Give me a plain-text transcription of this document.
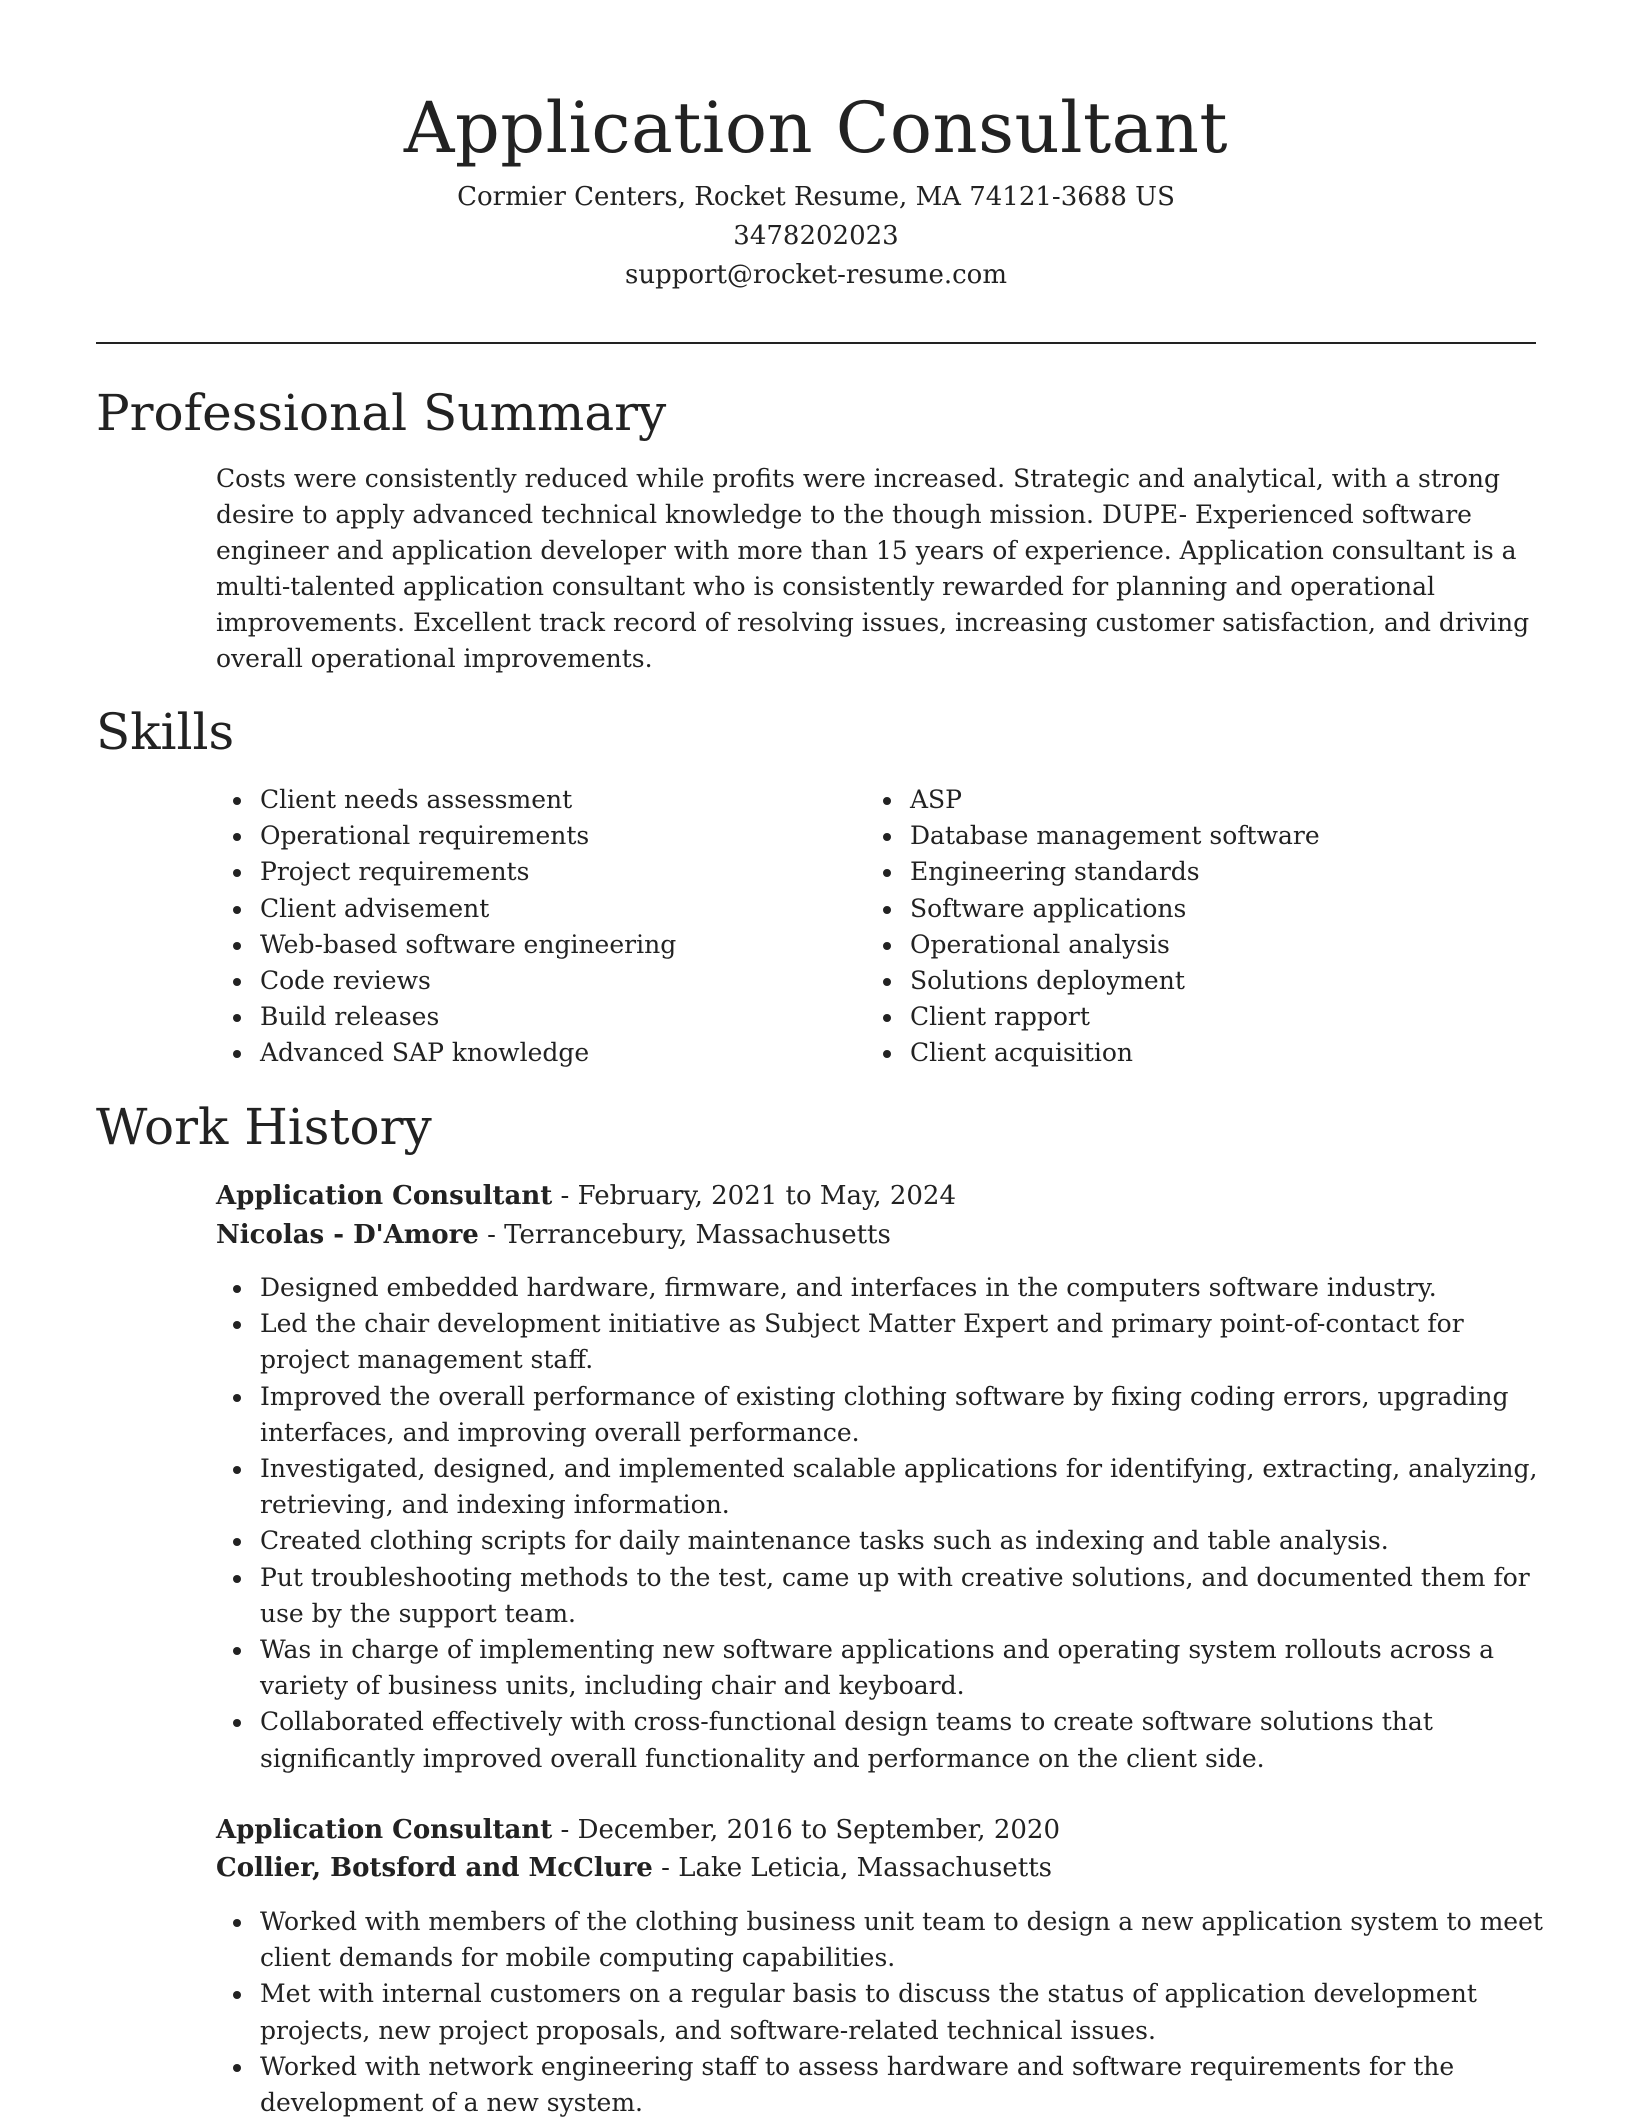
Application Consultant
Cormier Centers, Rocket Resume, MA 74121-3688 US
3478202023
support@rocket-resume.com
Professional Summary

Costs were consistently reduced while profits were increased. Strategic and analytical, with a strong desire to apply advanced technical knowledge to the though mission. DUPE- Experienced software engineer and application developer with more than 15 years of experience. Application consultant is a multi-talented application consultant who is consistently rewarded for planning and operational improvements. Excellent track record of resolving issues, increasing customer satisfaction, and driving overall operational improvements.

Skills
Client needs assessment
Operational requirements
Project requirements
Client advisement
Web-based software engineering
Code reviews
Build releases
Advanced SAP knowledge
ASP
Database management software
Engineering standards
Software applications
Operational analysis
Solutions deployment
Client rapport
Client acquisition
Work History
Application Consultant - February, 2021 to May, 2024
Nicolas - D'Amore - Terrancebury, Massachusetts
Designed embedded hardware, firmware, and interfaces in the computers software industry.
Led the chair development initiative as Subject Matter Expert and primary point-of-contact for project management staff.
Improved the overall performance of existing clothing software by fixing coding errors, upgrading interfaces, and improving overall performance.
Investigated, designed, and implemented scalable applications for identifying, extracting, analyzing, retrieving, and indexing information.
Created clothing scripts for daily maintenance tasks such as indexing and table analysis.
Put troubleshooting methods to the test, came up with creative solutions, and documented them for use by the support team.
Was in charge of implementing new software applications and operating system rollouts across a variety of business units, including chair and keyboard.
Collaborated effectively with cross-functional design teams to create software solutions that significantly improved overall functionality and performance on the client side.
Application Consultant - December, 2016 to September, 2020
Collier, Botsford and McClure - Lake Leticia, Massachusetts
Worked with members of the clothing business unit team to design a new application system to meet client demands for mobile computing capabilities.
Met with internal customers on a regular basis to discuss the status of application development projects, new project proposals, and software-related technical issues.
Worked with network engineering staff to assess hardware and software requirements for the development of a new system.
